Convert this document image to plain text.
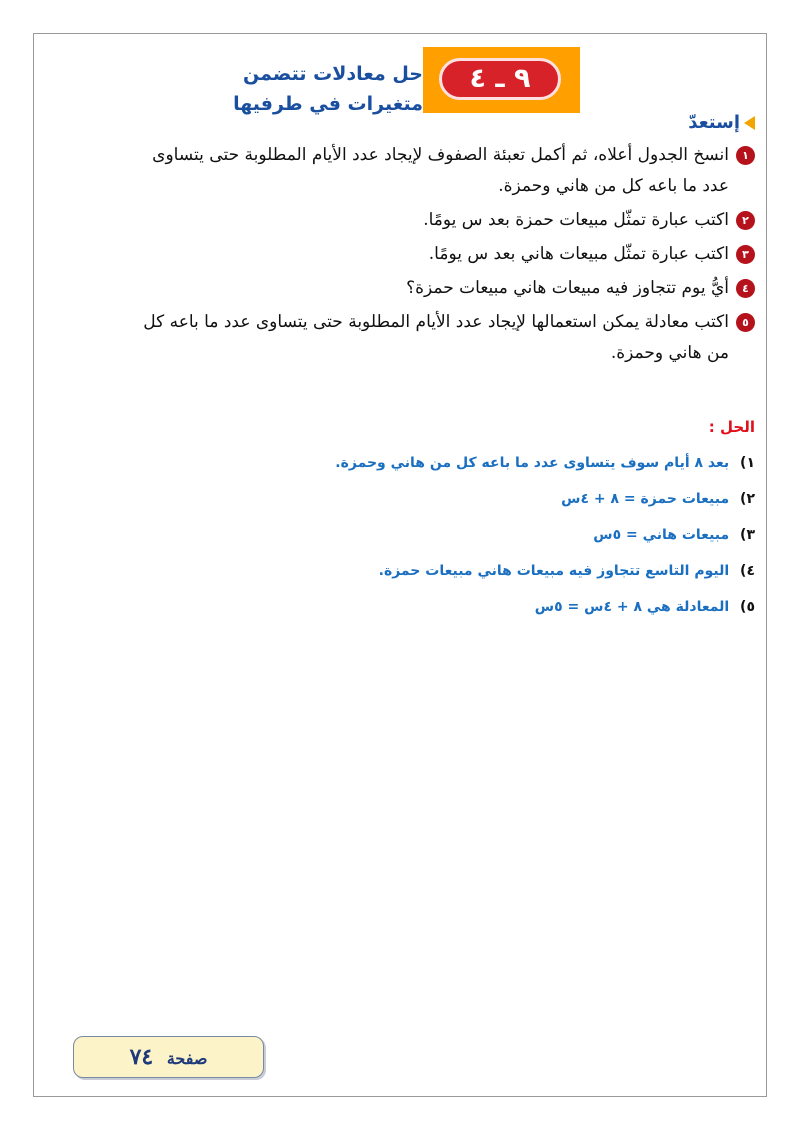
٩ ـ ٤
حل معادلات تتضمن
متغيرات في طرفيها
إستعدّ
١
انسخ الجدول أعلاه، ثم أكمل تعبئة الصفوف لإيجاد عدد الأيام المطلوبة حتى يتساوى عدد ما باعه كل من هاني وحمزة.
٢
اكتب عبارة تمثّل مبيعات حمزة بعد س يومًا.
٣
اكتب عبارة تمثّل مبيعات هاني بعد س يومًا.
٤
أيُّ يوم تتجاوز فيه مبيعات هاني مبيعات حمزة؟
٥
اكتب معادلة يمكن استعمالها لإيجاد عدد الأيام المطلوبة حتى يتساوى عدد ما باعه كل من هاني وحمزة.
الحل :
١) بعد ٨ أيام سوف يتساوى عدد ما باعه كل من هاني وحمزة.
٢) مبيعات حمزة = ٨ + ٤س
٣) مبيعات هاني = ٥س
٤) اليوم التاسع تتجاوز فيه مبيعات هاني مبيعات حمزة.
٥) المعادلة هي ٨ + ٤س = ٥س
صفحة ٧٤
